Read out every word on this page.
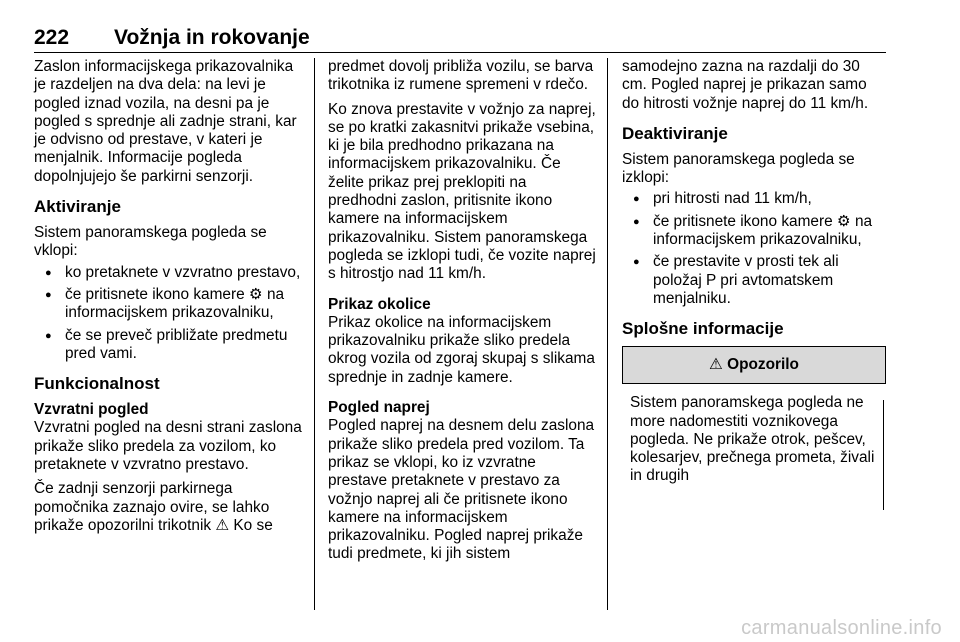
222 Vožnja in rokovanje

Zaslon informacijskega prikazovalnika je razdeljen na dva dela: na levi je pogled iznad vozila, na desni pa je pogled s sprednje ali zadnje strani, kar je odvisno od prestave, v kateri je menjalnik. Informacije pogleda dopolnjujejo še parkirni senzorji.

Aktiviranje

Sistem panoramskega pogleda se vklopi:

● ko pretaknete v vzvratno prestavo,
● če pritisnete ikono kamere ⚙ na informacijskem prikazovalniku,
● če se preveč približate predmetu pred vami.
Funkcionalnost

Vzvratni pogled
Vzvratni pogled na desni strani zaslona prikaže sliko predela za vozilom, ko pretaknete v vzvratno prestavo.

Če zadnji senzorji parkirnega pomočnika zaznajo ovire, se lahko prikaže opozorilni trikotnik ⚠ Ko se

predmet dovolj približa vozilu, se barva trikotnika iz rumene spremeni v rdečo.

Ko znova prestavite v vožnjo za naprej, se po kratki zakasnitvi prikaže vsebina, ki je bila predhodno prikazana na informacijskem prikazovalniku. Če želite prikaz prej preklopiti na predhodni zaslon, pritisnite ikono kamere na informacijskem prikazovalniku. Sistem panoramskega pogleda se izklopi tudi, če vozite naprej s hitrostjo nad 11 km/h.

Prikaz okolice
Prikaz okolice na informacijskem prikazovalniku prikaže sliko predela okrog vozila od zgoraj skupaj s slikama sprednje in zadnje kamere.

Pogled naprej
Pogled naprej na desnem delu zaslona prikaže sliko predela pred vozilom. Ta prikaz se vklopi, ko iz vzvratne prestave pretaknete v prestavo za vožnjo naprej ali če pritisnete ikono kamere na informacijskem prikazovalniku. Pogled naprej prikaže tudi predmete, ki jih sistem

samodejno zazna na razdalji do 30 cm. Pogled naprej je prikazan samo do hitrosti vožnje naprej do 11 km/h.

Deaktiviranje

Sistem panoramskega pogleda se izklopi:

● pri hitrosti nad 11 km/h,
● če pritisnete ikono kamere ⚙ na informacijskem prikazovalniku,
● če prestavite v prosti tek ali položaj P pri avtomatskem menjalniku.
Splošne informacije
⚠ Opozorilo
Sistem panoramskega pogleda ne more nadomestiti voznikovega pogleda. Ne prikaže otrok, pešcev, kolesarjev, prečnega prometa, živali in drugih
carmanualsonline.info
